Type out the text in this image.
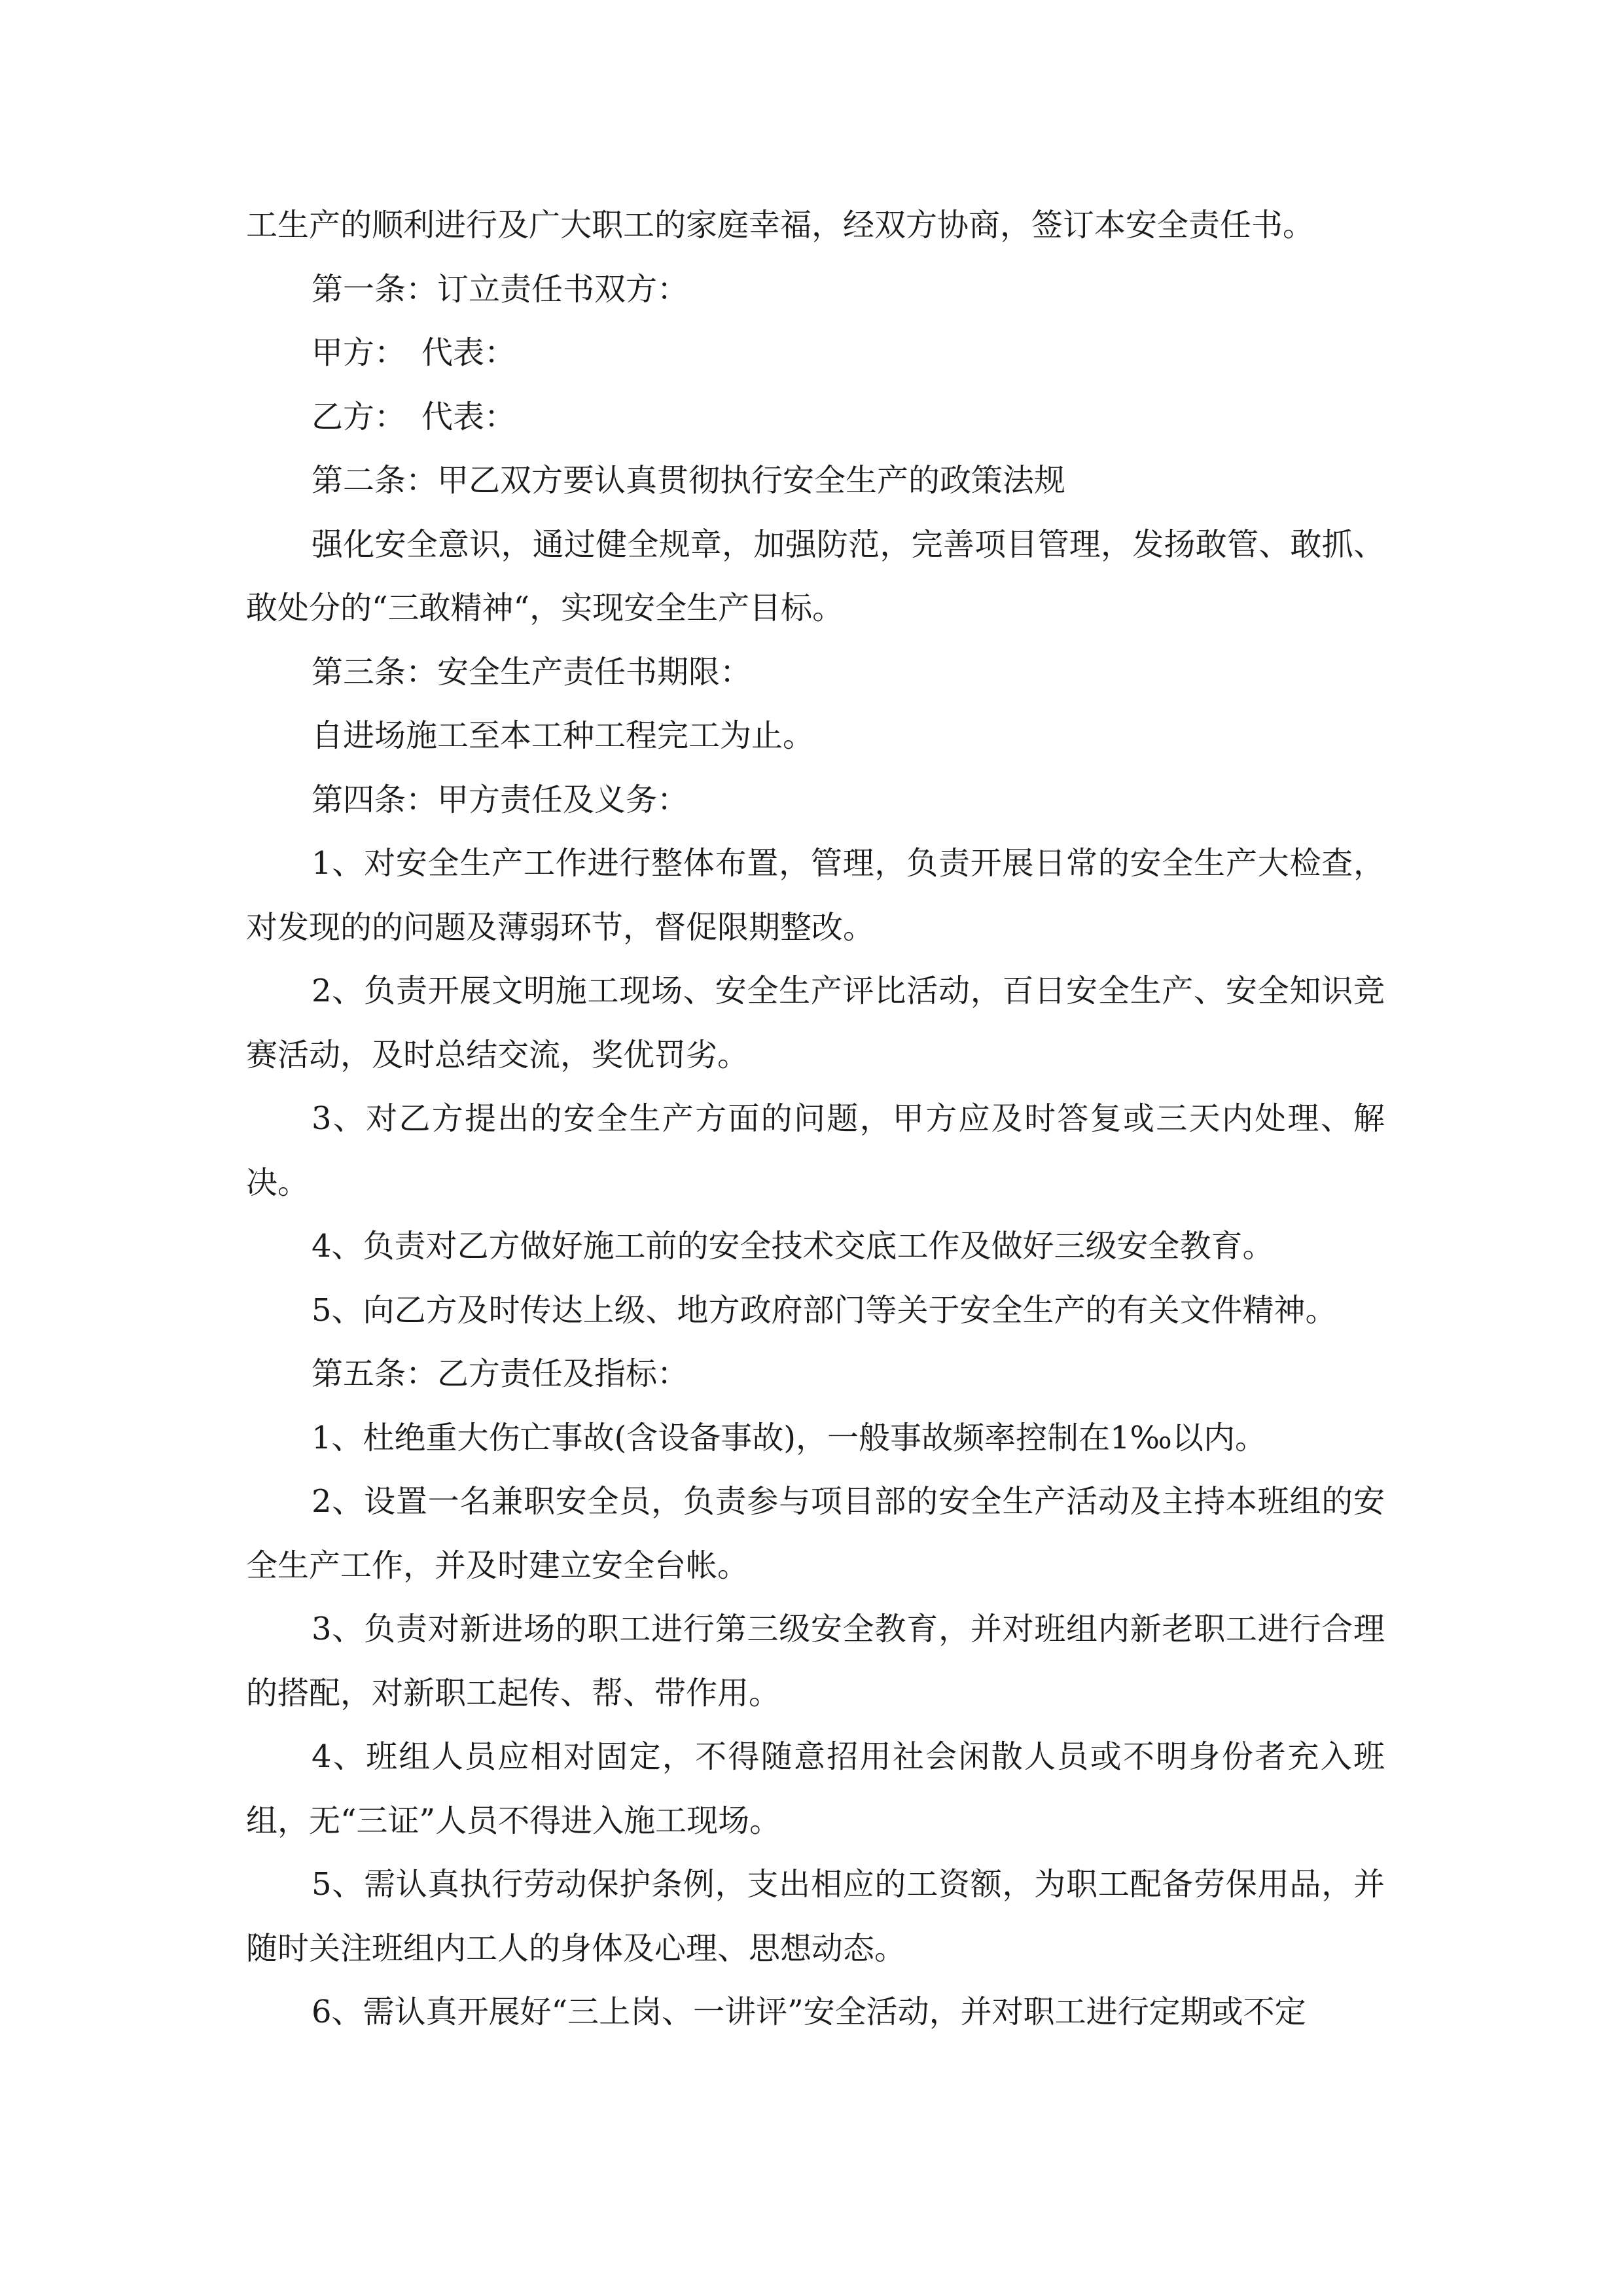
工生产的顺利进行及广大职工的家庭幸福，经双方协商，签订本安全责任书。

第一条：订立责任书双方：

甲方：　代表：

乙方：　代表：

第二条：甲乙双方要认真贯彻执行安全生产的政策法规

强化安全意识，通过健全规章，加强防范，完善项目管理，发扬敢管、敢抓、敢处分的“三敢精神“，实现安全生产目标。

第三条：安全生产责任书期限：

自进场施工至本工种工程完工为止。

第四条：甲方责任及义务：

1、对安全生产工作进行整体布置，管理，负责开展日常的安全生产大检查，对发现的的问题及薄弱环节，督促限期整改。

2、负责开展文明施工现场、安全生产评比活动，百日安全生产、安全知识竞赛活动，及时总结交流，奖优罚劣。

3、对乙方提出的安全生产方面的问题，甲方应及时答复或三天内处理、解决。

4、负责对乙方做好施工前的安全技术交底工作及做好三级安全教育。

5、向乙方及时传达上级、地方政府部门等关于安全生产的有关文件精神。

第五条：乙方责任及指标：

1、杜绝重大伤亡事故(含设备事故)，一般事故频率控制在1‰以内。

2、设置一名兼职安全员，负责参与项目部的安全生产活动及主持本班组的安全生产工作，并及时建立安全台帐。

3、负责对新进场的职工进行第三级安全教育，并对班组内新老职工进行合理的搭配，对新职工起传、帮、带作用。

4、班组人员应相对固定，不得随意招用社会闲散人员或不明身份者充入班组，无“三证”人员不得进入施工现场。

5、需认真执行劳动保护条例，支出相应的工资额，为职工配备劳保用品，并随时关注班组内工人的身体及心理、思想动态。

6、需认真开展好“三上岗、一讲评”安全活动，并对职工进行定期或不定
